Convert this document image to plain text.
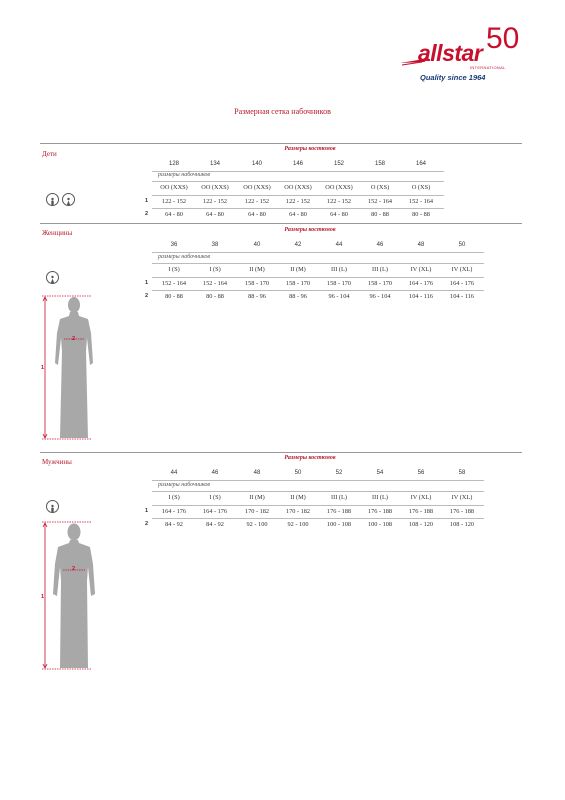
allstar 50
INTERNATIONAL
Quality since 1964
Размерная сетка набочников
Дети
Размеры костюмов
128	134	140	146	152	158	164
размеры набочников
OO (XXS)	OO (XXS)	OO (XXS)	OO (XXS)	OO (XXS)	O (XS)	O (XS)
1	122 - 152	122 - 152	122 - 152	122 - 152	122 - 152	152 - 164	152 - 164
2	64 - 80	64 - 80	64 - 80	64 - 80	64 - 80	80 - 88	80 - 88
Женщины	Размеры костюмов
36	38	40	42	44	46	48	50
размеры набочников
I (S)	I (S)	II (M)	II (M)	III (L)	III (L)	IV (XL)	IV (XL)
1	152 - 164	152 - 164	158 - 170	158 - 170	158 - 170	158 - 170	164 - 176	164 - 176
2	80 - 88	80 - 88	88 - 96	88 - 96	96 - 104	96 - 104	104 - 116	104 - 116
2
1
Мужчины	Размеры костюмов
44	46	48	50	52	54	56	58
размеры набочников
I (S)	I (S)	II (M)	II (M)	III (L)	III (L)	IV (XL)	IV (XL)
1	164 - 176	164 - 176	170 - 182	170 - 182	176 - 188	176 - 188	176 - 188	176 - 188
2	84 - 92	84 - 92	92 - 100	92 - 100	100 - 108	100 - 108	108 - 120	108 - 120
2
1
